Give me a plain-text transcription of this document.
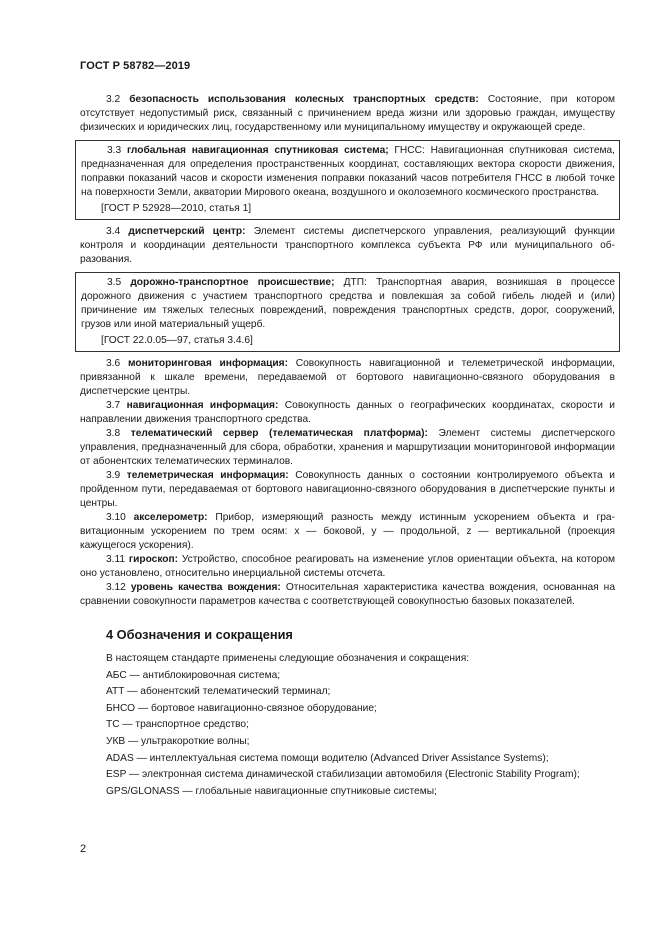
ГОСТ Р 58782—2019

3.2 безопасность использования колесных транспортных средств: Состояние, при котором отсутствует недопустимый риск, связанный с причинением вреда жизни или здоровью граждан, имуществу физических и юридических лиц, государственному или муниципальному имуществу и окружающей среде.

3.3 глобальная навигационная спутниковая система; ГНСС: Навигационная спутниковая система, предназначенная для определения пространственных координат, составляющих вектора скорости движения, поправки показаний часов и скорости изменения поправки показаний часов потребителя ГНСС в любой точке на поверхности Земли, акватории Мирового океана, воздушного и околоземного космического пространства.

[ГОСТ Р 52928—2010, статья 1]

3.4 диспетчерский центр: Элемент системы диспетчерского управления, реализующий функции контроля и координации деятельности транспортного комплекса субъекта РФ или муниципального образования.

3.5 дорожно-транспортное происшествие; ДТП: Транспортная авария, возникшая в процессе дорожного движения с участием транспортного средства и повлекшая за собой гибель людей и (или) причинение им тяжелых телесных повреждений, повреждения транспортных средств, дорог, сооружений, грузов или иной материальный ущерб.

[ГОСТ 22.0.05—97, статья 3.4.6]

3.6 мониторинговая информация: Совокупность навигационной и телеметрической информации, привязанной к шкале времени, передаваемой от бортового навигационно-связного оборудования в диспетчерские центры.

3.7 навигационная информация: Совокупность данных о географических координатах, скорости и направлении движения транспортного средства.

3.8 телематический сервер (телематическая платформа): Элемент системы диспетчерского управления, предназначенный для сбора, обработки, хранения и маршрутизации мониторинговой информации от абонентских телематических терминалов.

3.9 телеметрическая информация: Совокупность данных о состоянии контролируемого объекта и пройденном пути, передаваемая от бортового навигационно-связного оборудования в диспетчерские пункты и центры.

3.10 акселерометр: Прибор, измеряющий разность между истинным ускорением объекта и гравитационным ускорением по трем осям: х — боковой, у — продольной, z — вертикальной (проекция кажущегося ускорения).

3.11 гироскоп: Устройство, способное реагировать на изменение углов ориентации объекта, на котором оно установлено, относительно инерциальной системы отсчета.

3.12 уровень качества вождения: Относительная характеристика качества вождения, основанная на сравнении совокупности параметров качества с соответствующей совокупностью базовых показателей.

4 Обозначения и сокращения

В настоящем стандарте применены следующие обозначения и сокращения:

АБС — антиблокировочная система;

АТТ — абонентский телематический терминал;

БНСО — бортовое навигационно-связное оборудование;

ТС — транспортное средство;

УКВ — ультракороткие волны;

ADAS — интеллектуальная система помощи водителю (Advanced Driver Assistance Systems);

ESP — электронная система динамической стабилизации автомобиля (Electronic Stability Program);

GPS/GLONASS — глобальные навигационные спутниковые системы;

2
